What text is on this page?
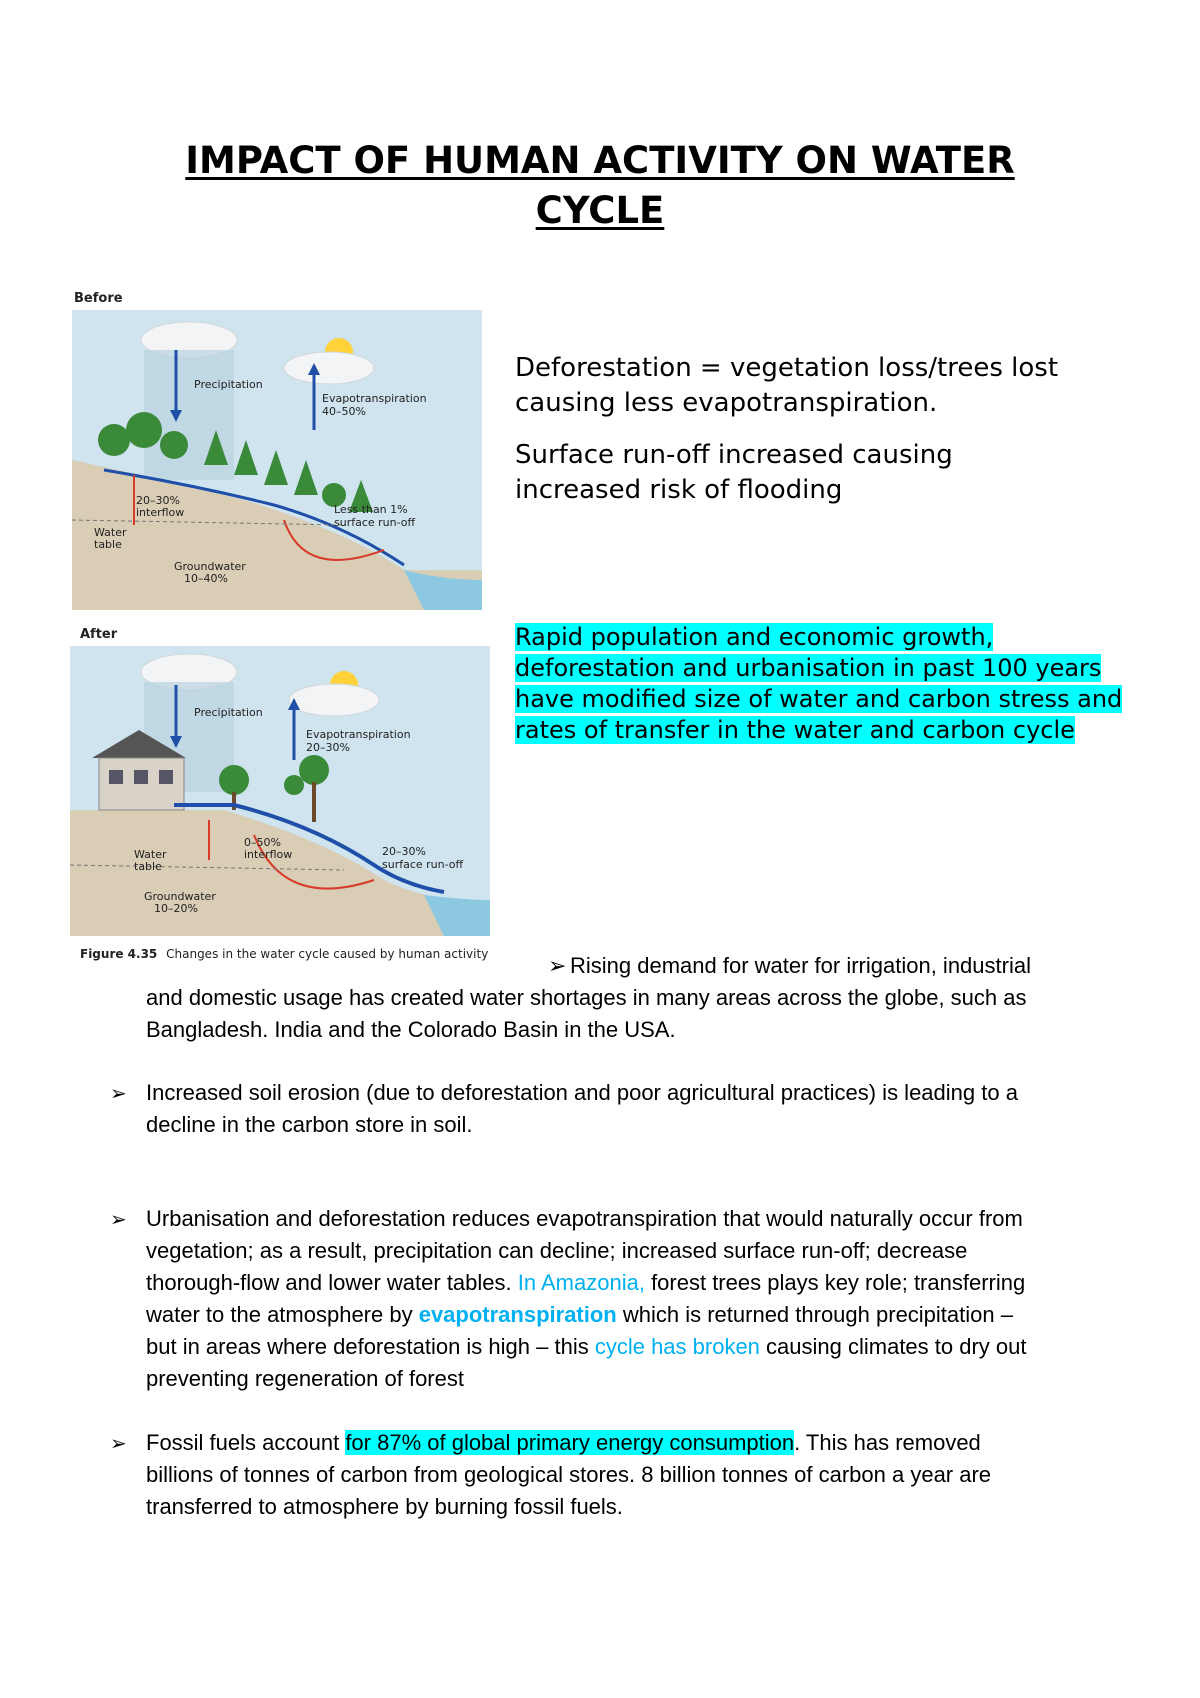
IMPACT OF HUMAN ACTIVITY ON WATER
CYCLE
Before
Precipitation
Evapotranspiration
40–50%
20–30%
interflow	Less than 1%
surface run-off
Water
table
Groundwater
10–40%
After
Precipitation
Evapotranspiration
20–30%
0–50%
interflow	20–30%
surface run-off
Water
table
Groundwater
10–20%
Figure 4.35 Changes in the water cycle caused by human activity
Deforestation = vegetation loss/trees lost
causing less evapotranspiration.
Surface run-off increased causing
increased risk of flooding
Rapid population and economic growth,
deforestation and urbanisation in past 100 years
have modified size of water and carbon stress and
rates of transfer in the water and carbon cycle
➢ Rising demand for water for irrigation, industrial
and domestic usage has created water shortages in many areas across the globe, such as
Bangladesh. India and the Colorado Basin in the USA.
➢ Increased soil erosion (due to deforestation and poor agricultural practices) is leading to a
decline in the carbon store in soil.
➢ Urbanisation and deforestation reduces evapotranspiration that would naturally occur from
vegetation; as a result, precipitation can decline; increased surface run-off; decrease
thorough-flow and lower water tables. In Amazonia, forest trees plays key role; transferring
water to the atmosphere by evapotranspiration which is returned through precipitation –
but in areas where deforestation is high – this cycle has broken causing climates to dry out
preventing regeneration of forest
➢ Fossil fuels account for 87% of global primary energy consumption. This has removed
billions of tonnes of carbon from geological stores. 8 billion tonnes of carbon a year are
transferred to atmosphere by burning fossil fuels.
